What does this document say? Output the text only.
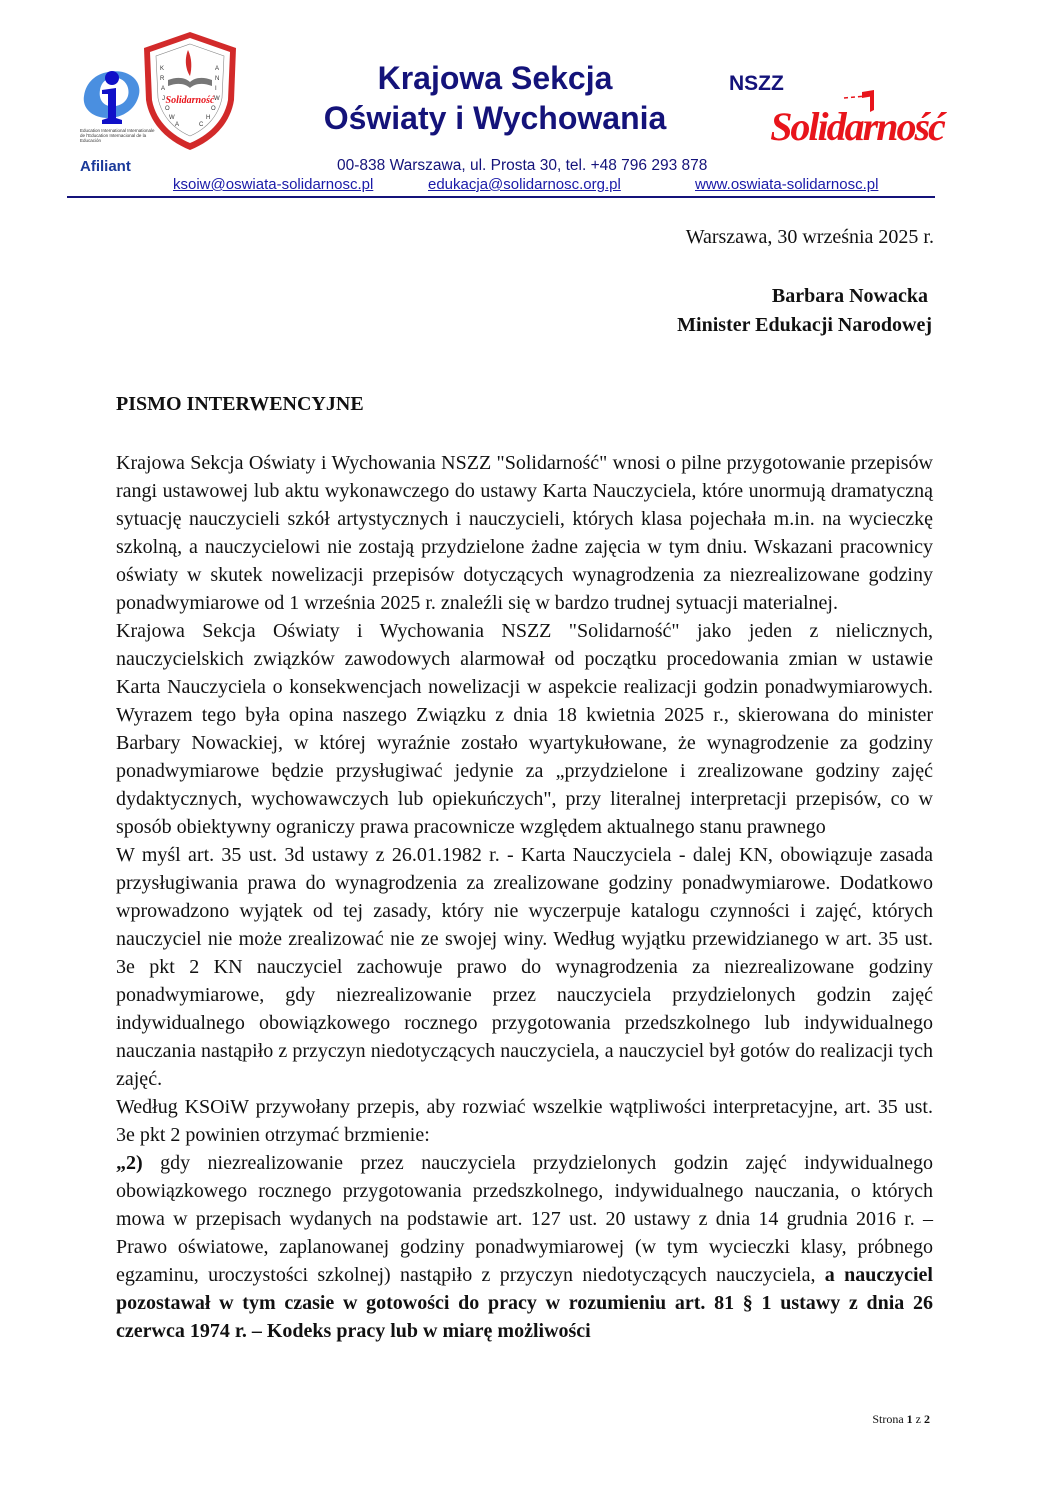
Education International Internationale de l'Education Internacional de la Educación
Solidarność
K
R
A
J
O
W
A
A
N
I
W
O
H
C
Krajowa Sekcja
Oświaty i Wychowania
NSZZ
Solidarność
Afiliant	00-838 Warszawa, ul. Prosta 30, tel. +48 796 293 878
ksoiw@oswiata-solidarnosc.pl	edukacja@solidarnosc.org.pl	www.oswiata-solidarnosc.pl
Warszawa, 30 września 2025 r.
Barbara Nowacka
Minister Edukacji Narodowej
PISMO INTERWENCYJNE

Krajowa Sekcja Oświaty i Wychowania NSZZ "Solidarność" wnosi o pilne przygotowanie przepisów rangi ustawowej lub aktu wykonawczego do ustawy Karta Nauczyciela, które unormują dramatyczną sytuację nauczycieli szkół artystycznych i nauczycieli, których klasa pojechała m.in. na wycieczkę szkolną, a nauczycielowi nie zostają przydzielone żadne zajęcia w tym dniu. Wskazani pracownicy oświaty w skutek nowelizacji przepisów dotyczących wynagrodzenia za niezrealizowane godziny ponadwymiarowe od 1 września 2025 r. znaleźli się w bardzo trudnej sytuacji materialnej.

Krajowa Sekcja Oświaty i Wychowania NSZZ "Solidarność" jako jeden z nielicznych, nauczycielskich związków zawodowych alarmował od początku procedowania zmian w ustawie Karta Nauczyciela o konsekwencjach nowelizacji w aspekcie realizacji godzin ponadwymiarowych. Wyrazem tego była opina naszego Związku z dnia 18 kwietnia 2025 r., skierowana do minister Barbary Nowackiej, w której wyraźnie zostało wyartykułowane, że wynagrodzenie za godziny ponadwymiarowe będzie przysługiwać jedynie za „przydzielone i zrealizowane godziny zajęć dydaktycznych, wychowawczych lub opiekuńczych", przy literalnej interpretacji przepisów, co w sposób obiektywny ograniczy prawa pracownicze względem aktualnego stanu prawnego

W myśl art. 35 ust. 3d ustawy z 26.01.1982 r. - Karta Nauczyciela - dalej KN, obowiązuje zasada przysługiwania prawa do wynagrodzenia za zrealizowane godziny ponadwymiarowe. Dodatkowo wprowadzono wyjątek od tej zasady, który nie wyczerpuje katalogu czynności i zajęć, których nauczyciel nie może zrealizować nie ze swojej winy. Według wyjątku przewidzianego w art. 35 ust. 3e pkt 2 KN nauczyciel zachowuje prawo do wynagrodzenia za niezrealizowane godziny ponadwymiarowe, gdy niezrealizowanie przez nauczyciela przydzielonych godzin zajęć indywidualnego obowiązkowego rocznego przygotowania przedszkolnego lub indywidualnego nauczania nastąpiło z przyczyn niedotyczących nauczyciela, a nauczyciel był gotów do realizacji tych zajęć.

Według KSOiW przywołany przepis, aby rozwiać wszelkie wątpliwości interpretacyjne, art. 35 ust. 3e pkt 2 powinien otrzymać brzmienie:

„2) gdy niezrealizowanie przez nauczyciela przydzielonych godzin zajęć indywidualnego obowiązkowego rocznego przygotowania przedszkolnego, indywidualnego nauczania, o których mowa w przepisach wydanych na podstawie art. 127 ust. 20 ustawy z dnia 14 grudnia 2016 r. – Prawo oświatowe, zaplanowanej godziny ponadwymiarowej (w tym wycieczki klasy, próbnego egzaminu, uroczystości szkolnej) nastąpiło z przyczyn niedotyczących nauczyciela, a nauczyciel pozostawał w tym czasie w gotowości do pracy w rozumieniu art. 81 § 1 ustawy z dnia 26 czerwca 1974 r. – Kodeks pracy lub w miarę możliwości

Strona 1 z 2
